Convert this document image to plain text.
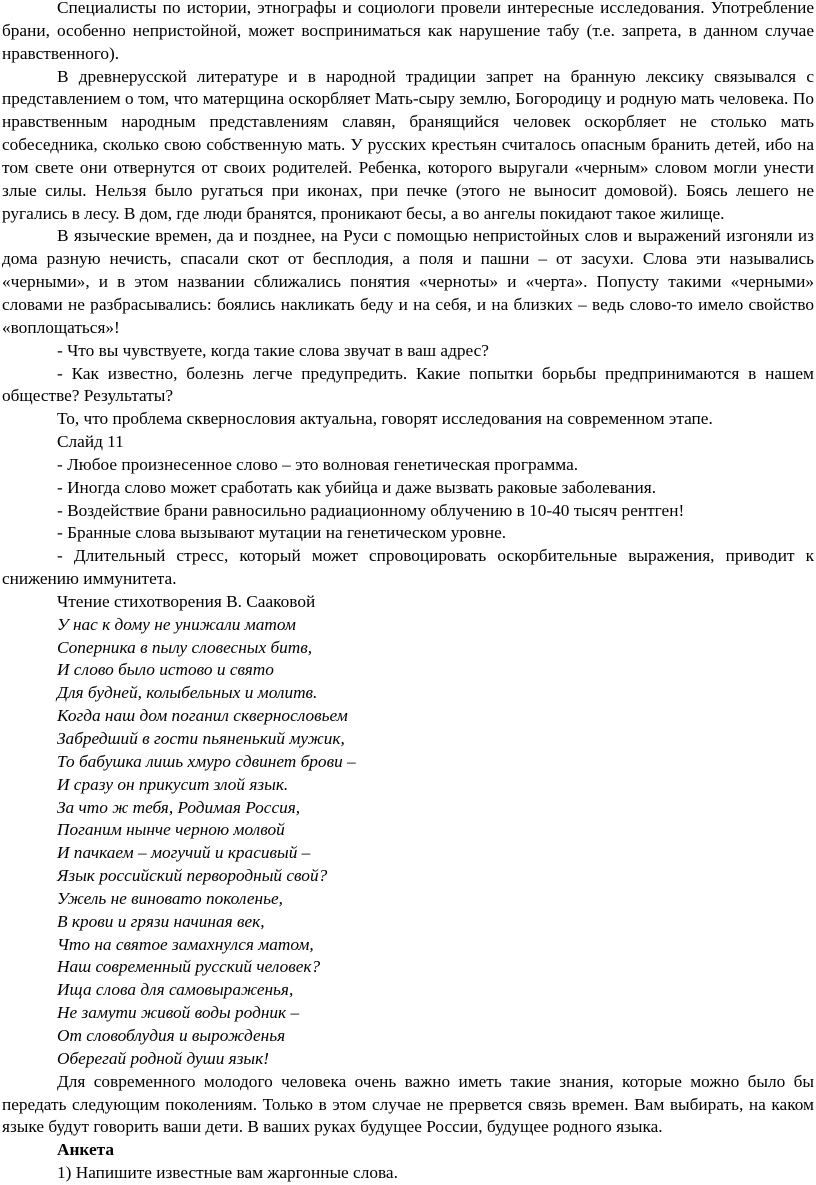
Специалисты по истории, этнографы и социологи провели интересные исследования. Употребление брани, особенно непристойной, может восприниматься как нарушение табу (т.е. запрета, в данном случае нравственного).

В древнерусской литературе и в народной традиции запрет на бранную лексику связывался с представлением о том, что матерщина оскорбляет Мать-сыру землю, Богородицу и родную мать человека. По нравственным народным представлениям славян, бранящийся человек оскорбляет не столько мать собеседника, сколько свою собственную мать. У русских крестьян считалось опасным бранить детей, ибо на том свете они отвернутся от своих родителей. Ребенка, которого выругали «черным» словом могли унести злые силы. Нельзя было ругаться при иконах, при печке (этого не выносит домовой). Боясь лешего не ругались в лесу. В дом, где люди бранятся, проникают бесы, а во ангелы покидают такое жилище.

В языческие времен, да и позднее, на Руси с помощью непристойных слов и выражений изгоняли из дома разную нечисть, спасали скот от бесплодия, а поля и пашни – от засухи. Слова эти назывались «черными», и в этом названии сближались понятия «черноты» и «черта». Попусту такими «черными» словами не разбрасывались: боялись накликать беду и на себя, и на близких – ведь слово-то имело свойство «воплощаться»!

- Что вы чувствуете, когда такие слова звучат в ваш адрес?

- Как известно, болезнь легче предупредить. Какие попытки борьбы предпринимаются в нашем обществе? Результаты?

То, что проблема сквернословия актуальна, говорят исследования на современном этапе.

Слайд 11

- Любое произнесенное слово – это волновая генетическая программа.

- Иногда слово может сработать как убийца и даже вызвать раковые заболевания.

- Воздействие брани равносильно радиационному облучению в 10-40 тысяч рентген!

- Бранные слова вызывают мутации на генетическом уровне.

- Длительный стресс, который может спровоцировать оскорбительные выражения, приводит к снижению иммунитета.

Чтение стихотворения В. Сааковой

У нас к дому не унижали матом

Соперника в пылу словесных битв,

И слово было истово и свято

Для будней, колыбельных и молитв.

Когда наш дом поганил сквернословьем

Забредший в гости пьяненький мужик,

То бабушка лишь хмуро сдвинет брови –

И сразу он прикусит злой язык.

За что ж тебя, Родимая Россия,

Поганим нынче черною молвой

И пачкаем – могучий и красивый –

Язык российский первородный свой?

Ужель не виновато поколенье,

В крови и грязи начиная век,

Что на святое замахнулся матом,

Наш современный русский человек?

Ища слова для самовыраженья,

Не замути живой воды родник –

От словоблудия и вырожденья

Оберегай родной души язык!

Для современного молодого человека очень важно иметь такие знания, которые можно было бы передать следующим поколениям. Только в этом случае не прервется связь времен. Вам выбирать, на каком языке будут говорить ваши дети. В ваших руках будущее России, будущее родного языка.

Анкета

1) Напишите известные вам жаргонные слова.
